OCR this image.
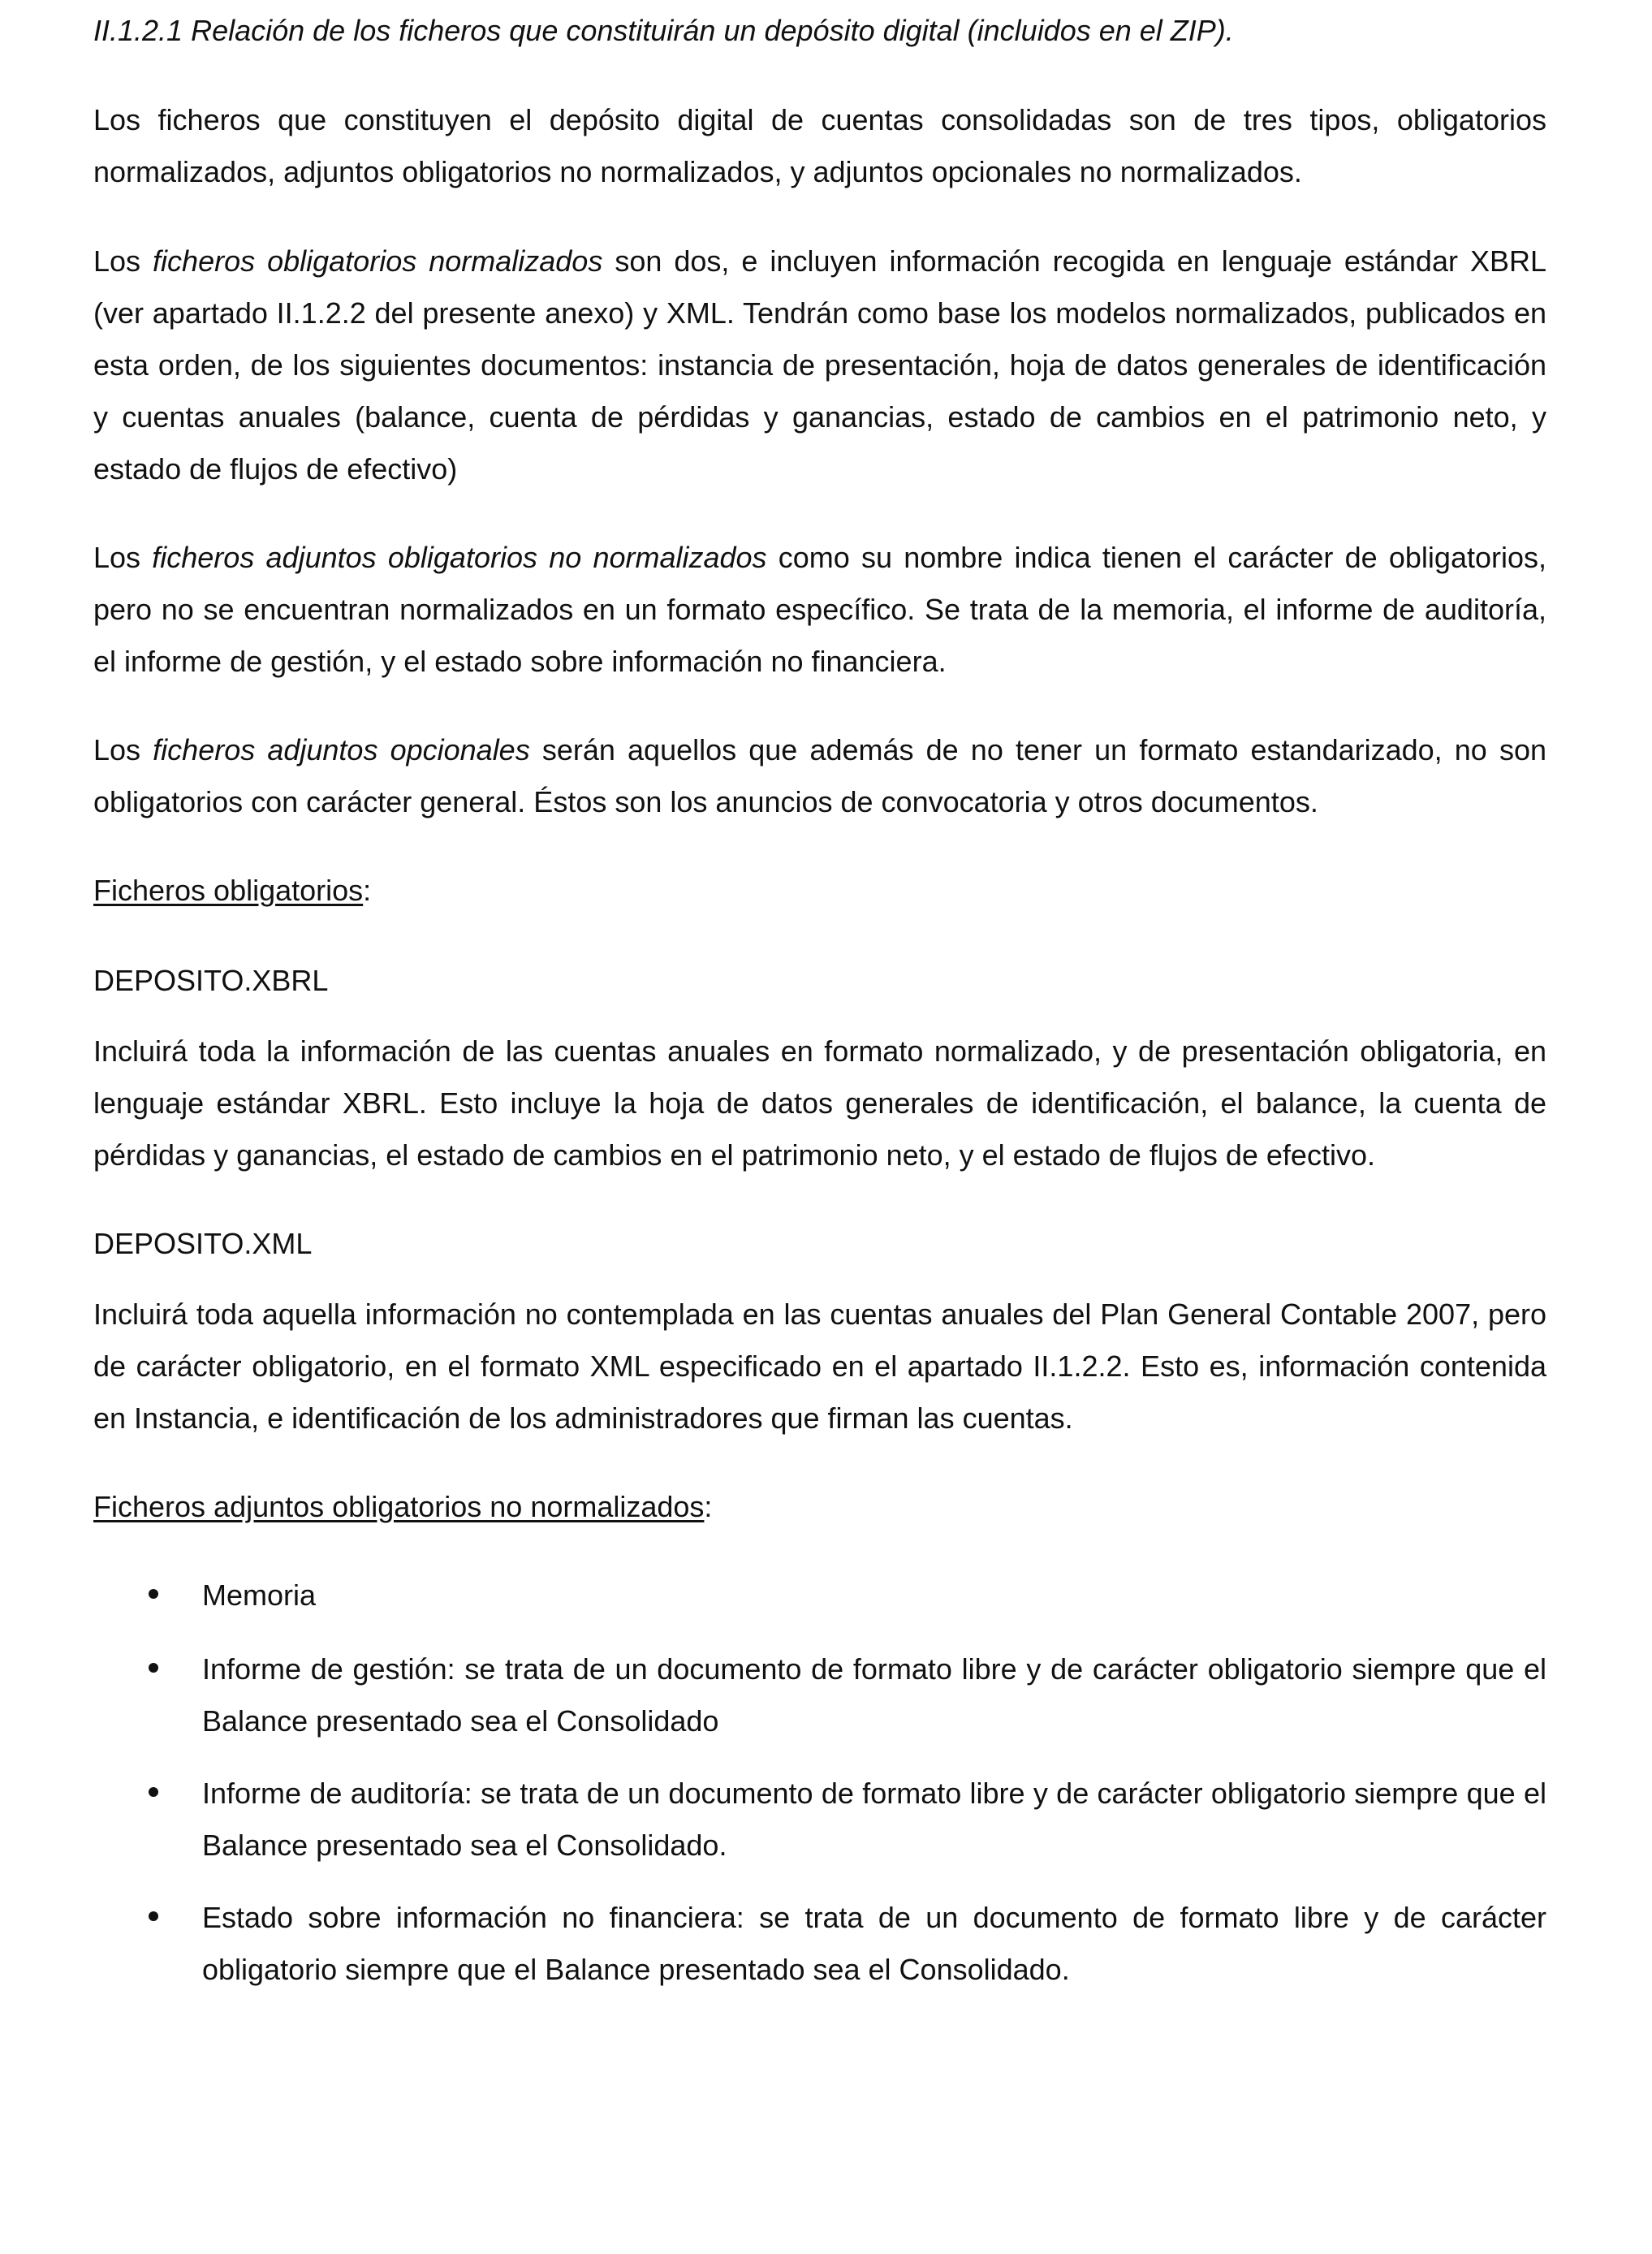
II.1.2.1 Relación de los ficheros que constituirán un depósito digital (incluidos en el ZIP).

Los ficheros que constituyen el depósito digital de cuentas consolidadas son de tres tipos, obligatorios normalizados, adjuntos obligatorios no normalizados, y adjuntos opcionales no normalizados.

Los ficheros obligatorios normalizados son dos, e incluyen información recogida en lenguaje estándar XBRL (ver apartado II.1.2.2 del presente anexo) y XML. Tendrán como base los modelos normalizados, publicados en esta orden, de los siguientes documentos: instancia de presentación, hoja de datos generales de identificación y cuentas anuales (balance, cuenta de pérdidas y ganancias, estado de cambios en el patrimonio neto, y estado de flujos de efectivo)

Los ficheros adjuntos obligatorios no normalizados como su nombre indica tienen el carácter de obligatorios, pero no se encuentran normalizados en un formato específico. Se trata de la memoria, el informe de auditoría, el informe de gestión, y el estado sobre información no financiera.

Los ficheros adjuntos opcionales serán aquellos que además de no tener un formato estandarizado, no son obligatorios con carácter general. Éstos son los anuncios de convocatoria y otros documentos.

Ficheros obligatorios:
DEPOSITO.XBRL

Incluirá toda la información de las cuentas anuales en formato normalizado, y de presentación obligatoria, en lenguaje estándar XBRL. Esto incluye la hoja de datos generales de identificación, el balance, la cuenta de pérdidas y ganancias, el estado de cambios en el patrimonio neto, y el estado de flujos de efectivo.

DEPOSITO.XML

Incluirá toda aquella información no contemplada en las cuentas anuales del Plan General Contable 2007, pero de carácter obligatorio, en el formato XML especificado en el apartado II.1.2.2. Esto es, información contenida en Instancia, e identificación de los administradores que firman las cuentas.

Ficheros adjuntos obligatorios no normalizados:

Memoria

Informe de gestión: se trata de un documento de formato libre y de carácter obligatorio siempre que el Balance presentado sea el Consolidado

Informe de auditoría: se trata de un documento de formato libre y de carácter obligatorio siempre que el Balance presentado sea el Consolidado.

Estado sobre información no financiera: se trata de un documento de formato libre y de carácter obligatorio siempre que el Balance presentado sea el Consolidado.
